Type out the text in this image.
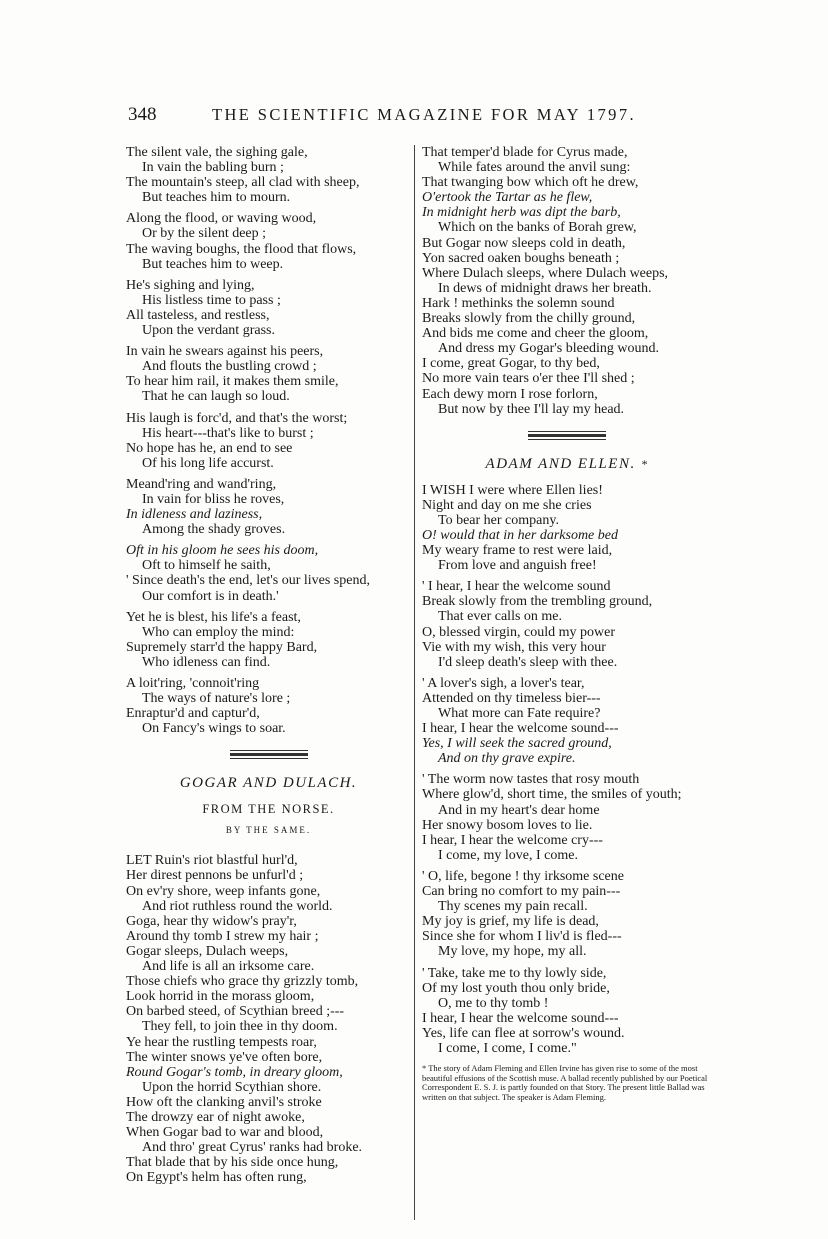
348	THE SCIENTIFIC MAGAZINE FOR MAY 1797.
The silent vale, the sighing gale,
In vain the babling burn ;
The mountain's steep, all clad with sheep,
But teaches him to mourn.
Along the flood, or waving wood,
Or by the silent deep ;
The waving boughs, the flood that flows,
But teaches him to weep.
He's sighing and lying,
His listless time to pass ;
All tasteless, and restless,
Upon the verdant grass.
In vain he swears against his peers,
And flouts the bustling crowd ;
To hear him rail, it makes them smile,
That he can laugh so loud.
His laugh is forc'd, and that's the worst;
His heart---that's like to burst ;
No hope has he, an end to see
Of his long life accurst.
Meand'ring and wand'ring,
In vain for bliss he roves,
In idleness and laziness,
Among the shady groves.
Oft in his gloom he sees his doom,
Oft to himself he saith,
' Since death's the end, let's our lives spend,
Our comfort is in death.'
Yet he is blest, his life's a feast,
Who can employ the mind:
Supremely starr'd the happy Bard,
Who idleness can find.
A loit'ring, 'connoit'ring
The ways of nature's lore ;
Enraptur'd and captur'd,
On Fancy's wings to soar.
GOGAR AND DULACH.
FROM THE NORSE.
BY THE SAME.
LET Ruin's riot blastful hurl'd,
Her direst pennons be unfurl'd ;
On ev'ry shore, weep infants gone,
And riot ruthless round the world.
Goga, hear thy widow's pray'r,
Around thy tomb I strew my hair ;
Gogar sleeps, Dulach weeps,
And life is all an irksome care.
Those chiefs who grace thy grizzly tomb,
Look horrid in the morass gloom,
On barbed steed, of Scythian breed ;---
They fell, to join thee in thy doom.
Ye hear the rustling tempests roar,
The winter snows ye've often bore,
Round Gogar's tomb, in dreary gloom,
Upon the horrid Scythian shore.
How oft the clanking anvil's stroke
The drowzy ear of night awoke,
When Gogar bad to war and blood,
And thro' great Cyrus' ranks had broke.
That blade that by his side once hung,
On Egypt's helm has often rung,
That temper'd blade for Cyrus made,
While fates around the anvil sung:
That twanging bow which oft he drew,
O'ertook the Tartar as he flew,
In midnight herb was dipt the barb,
Which on the banks of Borah grew,
But Gogar now sleeps cold in death,
Yon sacred oaken boughs beneath ;
Where Dulach sleeps, where Dulach weeps,
In dews of midnight draws her breath.
Hark ! methinks the solemn sound
Breaks slowly from the chilly ground,
And bids me come and cheer the gloom,
And dress my Gogar's bleeding wound.
I come, great Gogar, to thy bed,
No more vain tears o'er thee I'll shed ;
Each dewy morn I rose forlorn,
But now by thee I'll lay my head.
ADAM AND ELLEN. *
I WISH I were where Ellen lies!
Night and day on me she cries
To bear her company.
O! would that in her darksome bed
My weary frame to rest were laid,
From love and anguish free!
' I hear, I hear the welcome sound
Break slowly from the trembling ground,
That ever calls on me.
O, blessed virgin, could my power
Vie with my wish, this very hour
I'd sleep death's sleep with thee.
' A lover's sigh, a lover's tear,
Attended on thy timeless bier---
What more can Fate require?
I hear, I hear the welcome sound---
Yes, I will seek the sacred ground,
And on thy grave expire.
' The worm now tastes that rosy mouth
Where glow'd, short time, the smiles of youth;
And in my heart's dear home
Her snowy bosom loves to lie.
I hear, I hear the welcome cry---
I come, my love, I come.
' O, life, begone ! thy irksome scene
Can bring no comfort to my pain---
Thy scenes my pain recall.
My joy is grief, my life is dead,
Since she for whom I liv'd is fled---
My love, my hope, my all.
' Take, take me to thy lowly side,
Of my lost youth thou only bride,
O, me to thy tomb !
I hear, I hear the welcome sound---
Yes, life can flee at sorrow's wound.
I come, I come, I come."
* The story of Adam Fleming and Ellen Irvine has given rise to some of the most beautiful effusions of the Scottish muse. A ballad recently published by our Poetical Correspondent E. S. J. is partly founded on that Story. The present little Ballad was written on that subject. The speaker is Adam Fleming.
